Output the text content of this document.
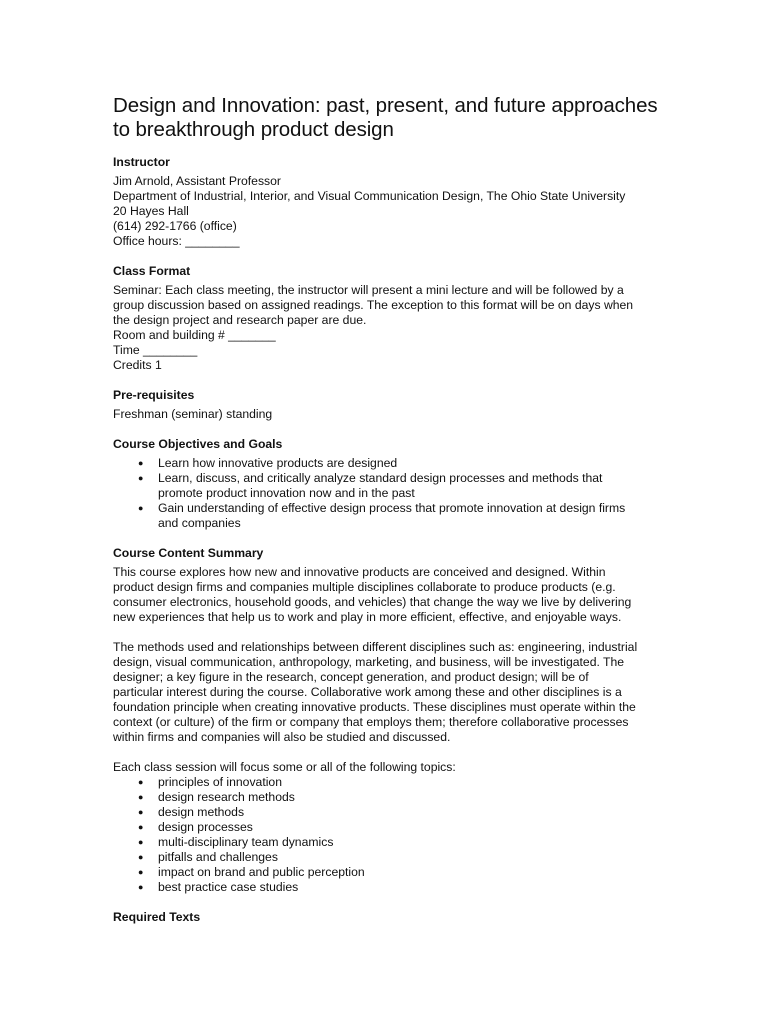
Design and Innovation: past, present, and future approaches
to breakthrough product design
Instructor
Jim Arnold, Assistant Professor
Department of Industrial, Interior, and Visual Communication Design, The Ohio State University
20 Hayes Hall
(614) 292-1766 (office)
Office hours: ________
Class Format
Seminar: Each class meeting, the instructor will present a mini lecture and will be followed by a
group discussion based on assigned readings. The exception to this format will be on days when
the design project and research paper are due.
Room and building # _______
Time ________
Credits 1
Pre-requisites
Freshman (seminar) standing
Course Objectives and Goals
● Learn how innovative products are designed
● Learn, discuss, and critically analyze standard design processes and methods that
promote product innovation now and in the past
● Gain understanding of effective design process that promote innovation at design firms
and companies
Course Content Summary
This course explores how new and innovative products are conceived and designed. Within
product design firms and companies multiple disciplines collaborate to produce products (e.g.
consumer electronics, household goods, and vehicles) that change the way we live by delivering
new experiences that help us to work and play in more efficient, effective, and enjoyable ways.
The methods used and relationships between different disciplines such as: engineering, industrial
design, visual communication, anthropology, marketing, and business, will be investigated. The
designer; a key figure in the research, concept generation, and product design; will be of
particular interest during the course. Collaborative work among these and other disciplines is a
foundation principle when creating innovative products. These disciplines must operate within the
context (or culture) of the firm or company that employs them; therefore collaborative processes
within firms and companies will also be studied and discussed.
Each class session will focus some or all of the following topics:
● principles of innovation
● design research methods
● design methods
● design processes
● multi-disciplinary team dynamics
● pitfalls and challenges
● impact on brand and public perception
● best practice case studies
Required Texts
